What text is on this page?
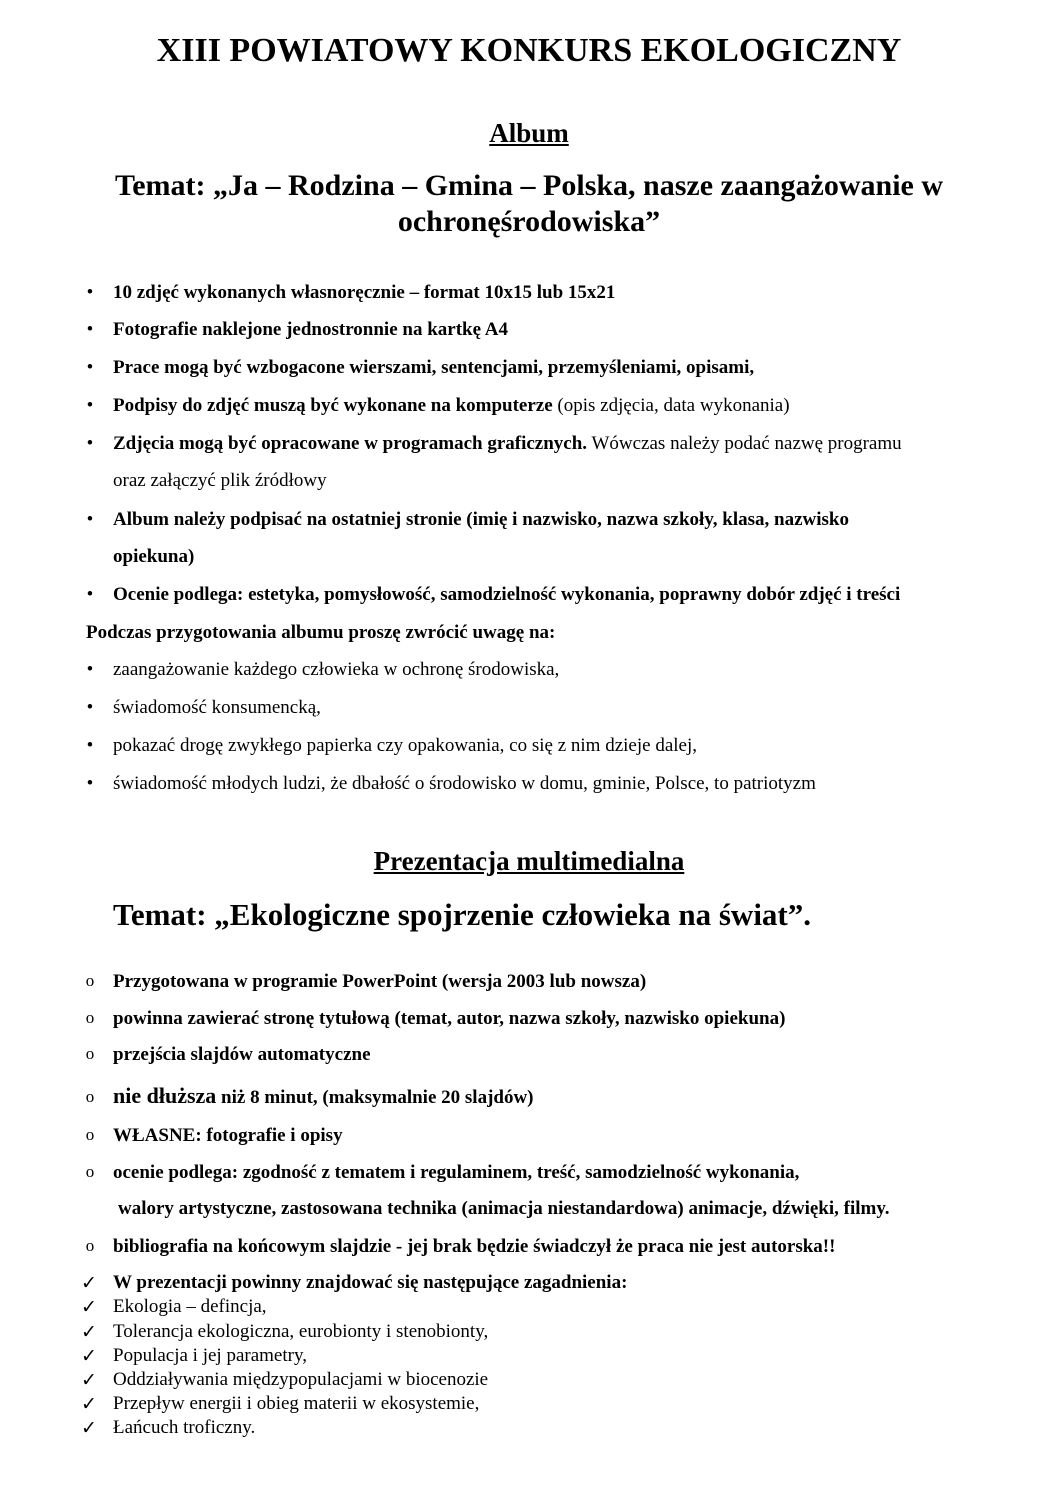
XIII POWIATOWY KONKURS EKOLOGICZNY
Album
Temat: „Ja – Rodzina – Gmina – Polska, nasze zaangażowanie w
ochronęśrodowiska”
•	10 zdjęć wykonanych własnoręcznie – format 10x15 lub 15x21
•	Fotografie naklejone jednostronnie na kartkę A4
•	Prace mogą być wzbogacone wierszami, sentencjami, przemyśleniami, opisami,
•	Podpisy do zdjęć muszą być wykonane na komputerze (opis zdjęcia, data wykonania)
•	Zdjęcia mogą być opracowane w programach graficznych. Wówczas należy podać nazwę programu
oraz załączyć plik źródłowy
•	Album należy podpisać na ostatniej stronie (imię i nazwisko, nazwa szkoły, klasa, nazwisko
opiekuna)
•	Ocenie podlega: estetyka, pomysłowość, samodzielność wykonania, poprawny dobór zdjęć i treści
Podczas przygotowania albumu proszę zwrócić uwagę na:
•	zaangażowanie każdego człowieka w ochronę środowiska,
•	świadomość konsumencką,
•	pokazać drogę zwykłego papierka czy opakowania, co się z nim dzieje dalej,
•	świadomość młodych ludzi, że dbałość o środowisko w domu, gminie, Polsce, to patriotyzm
Prezentacja multimedialna
Temat: „Ekologiczne spojrzenie człowieka na świat”.
o Przygotowana w programie PowerPoint (wersja 2003 lub nowsza)
o powinna zawierać stronę tytułową (temat, autor, nazwa szkoły, nazwisko opiekuna)
o przejścia slajdów automatyczne
o nie dłuższa niż 8 minut, (maksymalnie 20 slajdów)
o WŁASNE: fotografie i opisy
o ocenie podlega: zgodność z tematem i regulaminem, treść, samodzielność wykonania,
walory artystyczne, zastosowana technika (animacja niestandardowa) animacje, dźwięki, filmy.
o bibliografia na końcowym slajdzie - jej brak będzie świadczył że praca nie jest autorska!!
✓ W prezentacji powinny znajdować się następujące zagadnienia:
✓ Ekologia – defincja,
✓ Tolerancja ekologiczna, eurobionty i stenobionty,
✓ Populacja i jej parametry,
✓ Oddziaływania międzypopulacjami w biocenozie
✓ Przepływ energii i obieg materii w ekosystemie,
✓ Łańcuch troficzny.
